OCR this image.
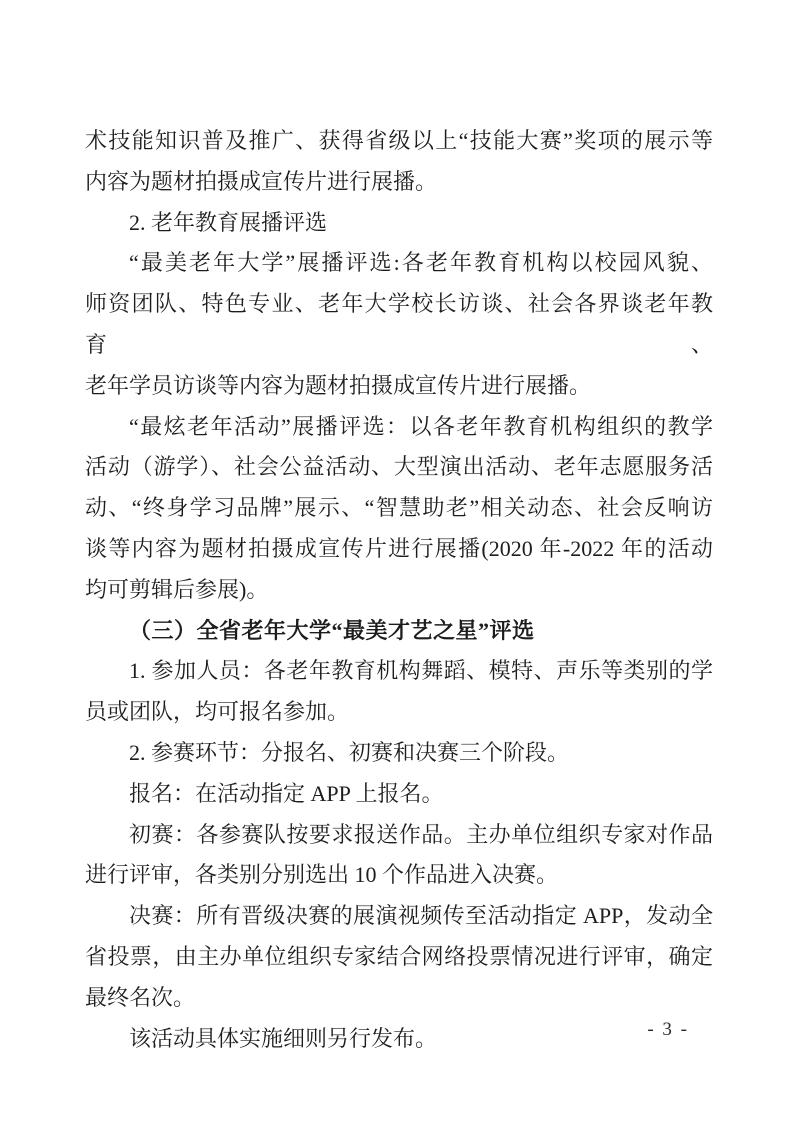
术技能知识普及推广、获得省级以上“技能大赛”奖项的展示等
内容为题材拍摄成宣传片进行展播。
2. 老年教育展播评选
“最美老年大学”展播评选:各老年教育机构以校园风貌、
师资团队、特色专业、老年大学校长访谈、社会各界谈老年教育、
老年学员访谈等内容为题材拍摄成宣传片进行展播。
“最炫老年活动”展播评选：以各老年教育机构组织的教学
活动（游学）、社会公益活动、大型演出活动、老年志愿服务活
动、“终身学习品牌”展示、“智慧助老”相关动态、社会反响访
谈等内容为题材拍摄成宣传片进行展播(2020 年-2022 年的活动
均可剪辑后参展)。
（三）全省老年大学“最美才艺之星”评选
1. 参加人员：各老年教育机构舞蹈、模特、声乐等类别的学
员或团队，均可报名参加。
2. 参赛环节：分报名、初赛和决赛三个阶段。
报名：在活动指定 APP 上报名。
初赛：各参赛队按要求报送作品。主办单位组织专家对作品
进行评审，各类别分别选出 10 个作品进入决赛。
决赛：所有晋级决赛的展演视频传至活动指定 APP，发动全
省投票，由主办单位组织专家结合网络投票情况进行评审，确定
最终名次。
该活动具体实施细则另行发布。	- 3 -
